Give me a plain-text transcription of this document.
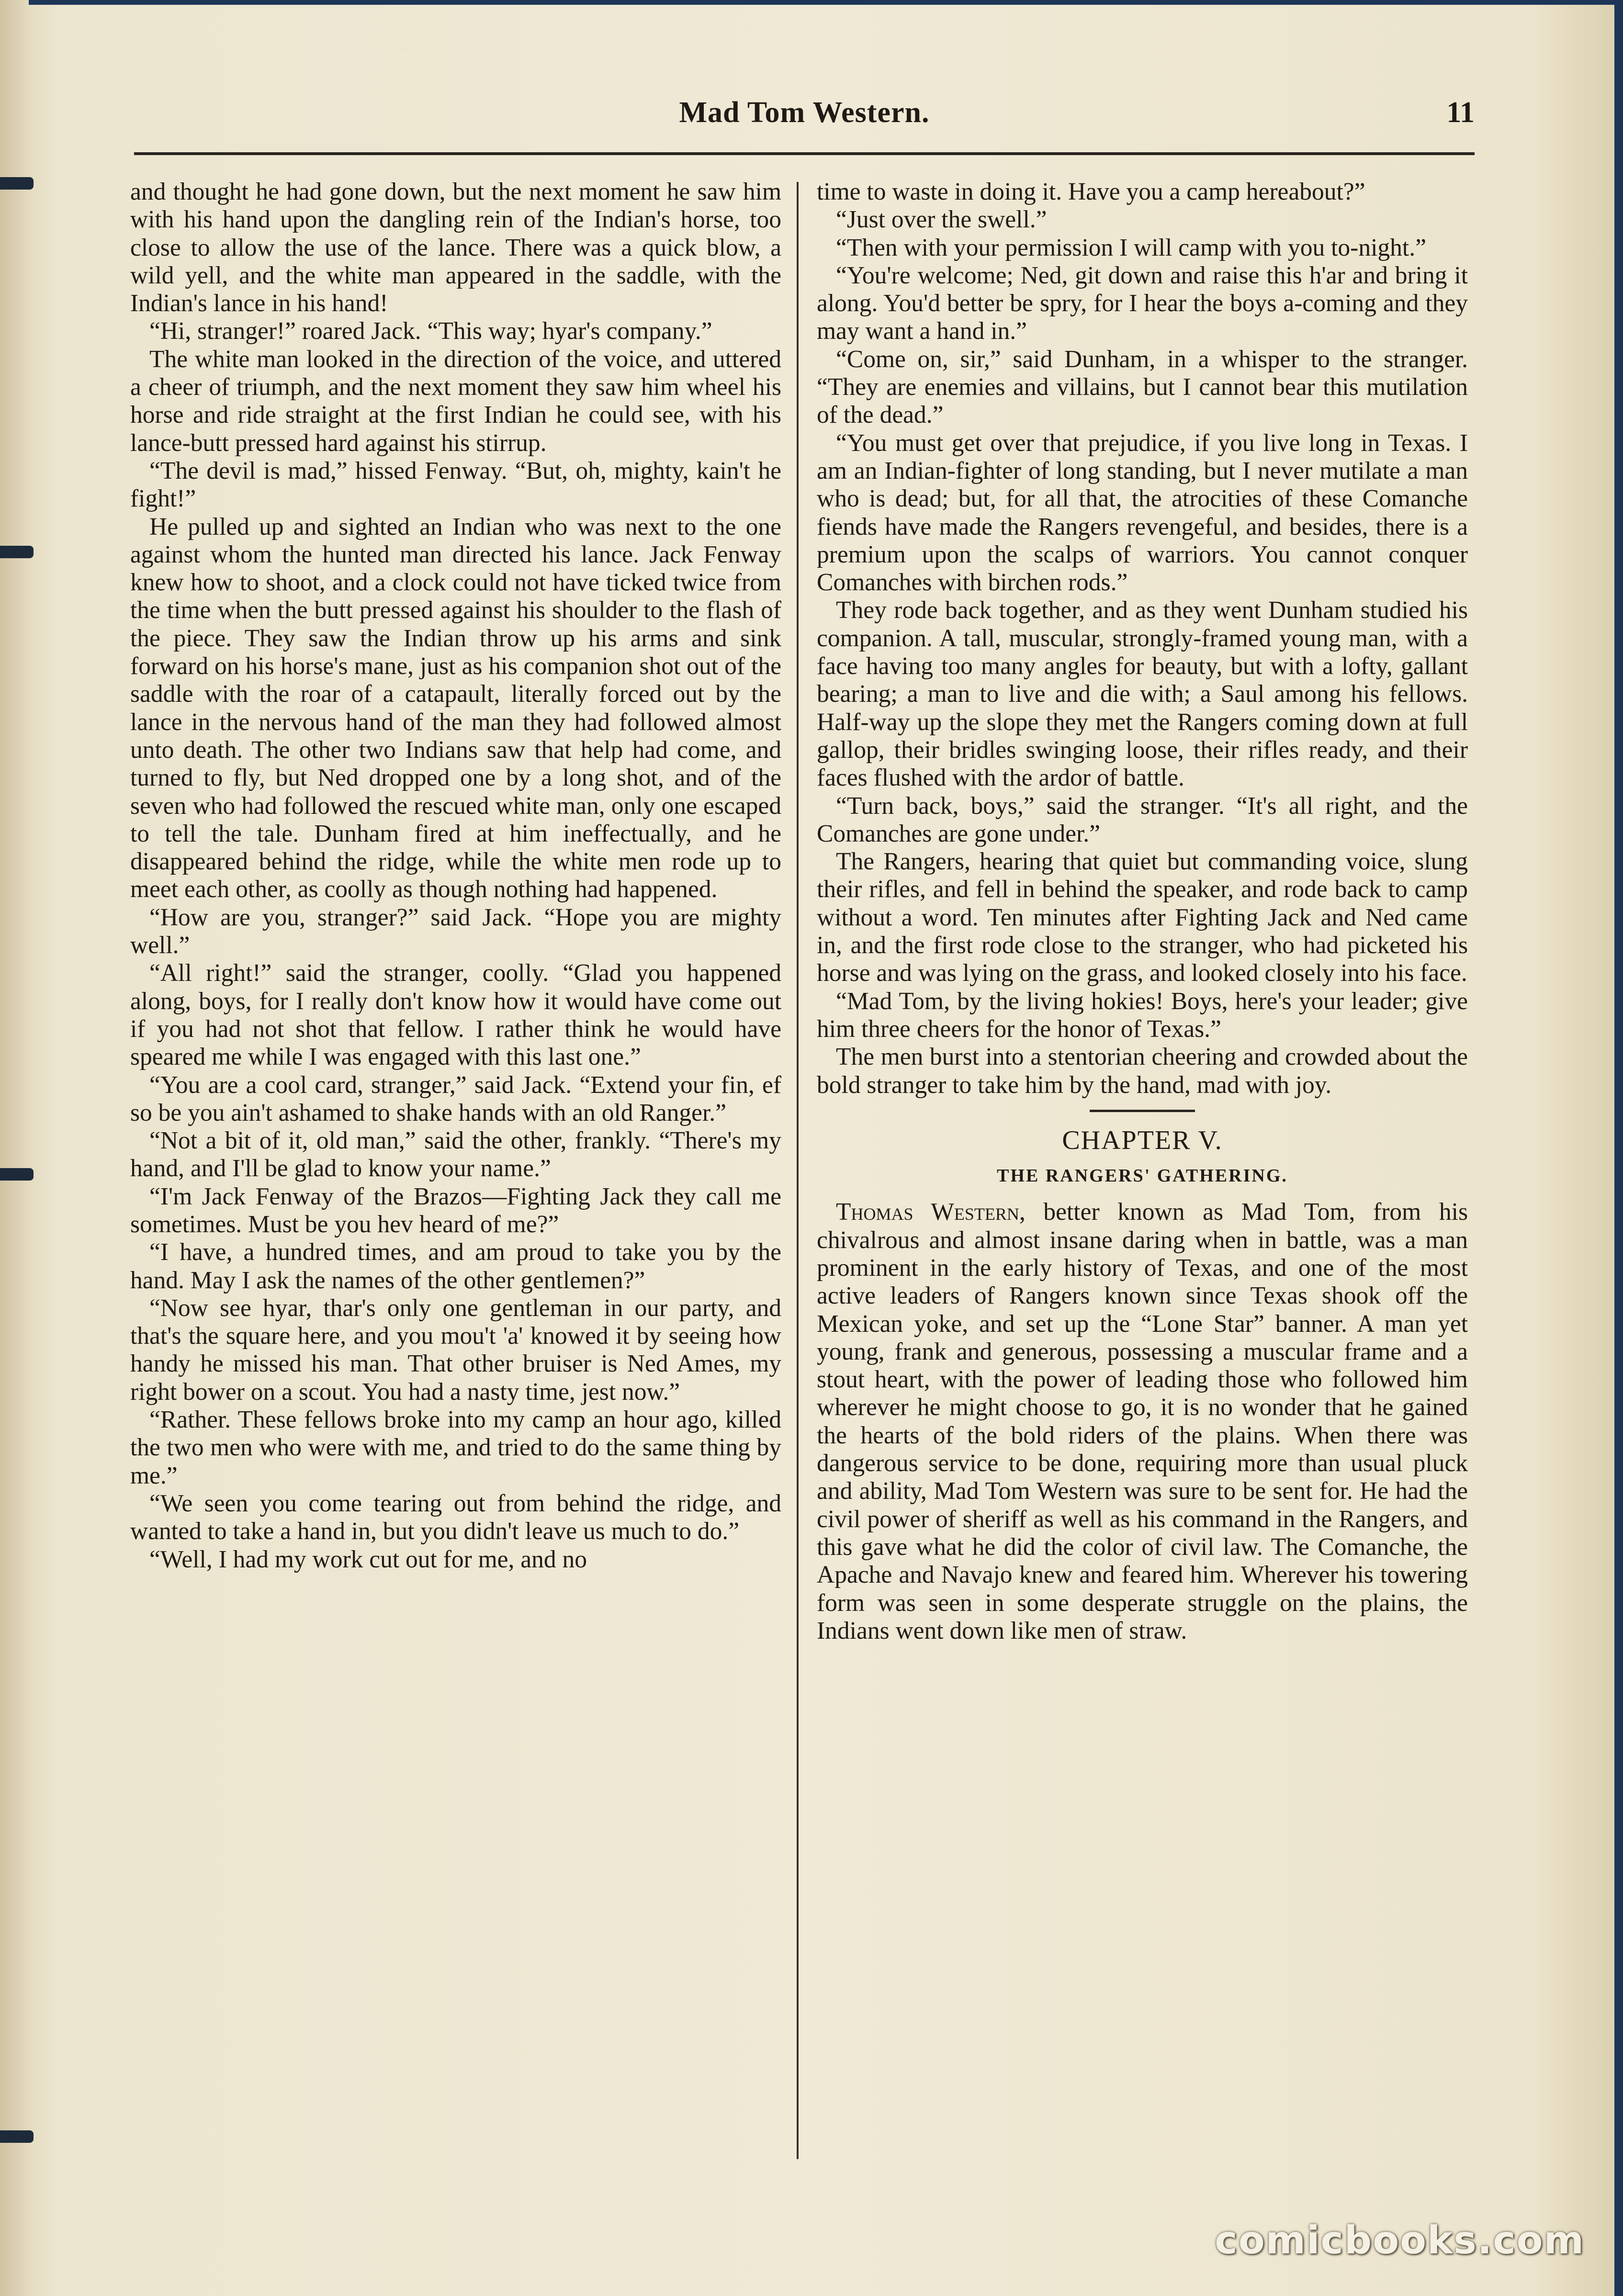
Mad Tom Western.	11

and thought he had gone down, but the next moment he saw him with his hand upon the dangling rein of the Indian's horse, too close to allow the use of the lance. There was a quick blow, a wild yell, and the white man appeared in the saddle, with the Indian's lance in his hand!

“Hi, stranger!” roared Jack. “This way; hyar's company.”

The white man looked in the direction of the voice, and uttered a cheer of triumph, and the next moment they saw him wheel his horse and ride straight at the first Indian he could see, with his lance-butt pressed hard against his stirrup.

“The devil is mad,” hissed Fenway. “But, oh, mighty, kain't he fight!”

He pulled up and sighted an Indian who was next to the one against whom the hunted man directed his lance. Jack Fenway knew how to shoot, and a clock could not have ticked twice from the time when the butt pressed against his shoulder to the flash of the piece. They saw the Indian throw up his arms and sink forward on his horse's mane, just as his companion shot out of the saddle with the roar of a catapault, literally forced out by the lance in the nervous hand of the man they had followed almost unto death. The other two Indians saw that help had come, and turned to fly, but Ned dropped one by a long shot, and of the seven who had followed the rescued white man, only one escaped to tell the tale. Dunham fired at him ineffectually, and he disappeared behind the ridge, while the white men rode up to meet each other, as coolly as though nothing had happened.

“How are you, stranger?” said Jack. “Hope you are mighty well.”

“All right!” said the stranger, coolly. “Glad you happened along, boys, for I really don't know how it would have come out if you had not shot that fellow. I rather think he would have speared me while I was engaged with this last one.”

“You are a cool card, stranger,” said Jack. “Extend your fin, ef so be you ain't ashamed to shake hands with an old Ranger.”

“Not a bit of it, old man,” said the other, frankly. “There's my hand, and I'll be glad to know your name.”

“I'm Jack Fenway of the Brazos—Fighting Jack they call me sometimes. Must be you hev heard of me?”

“I have, a hundred times, and am proud to take you by the hand. May I ask the names of the other gentlemen?”

“Now see hyar, thar's only one gentleman in our party, and that's the square here, and you mou't 'a' knowed it by seeing how handy he missed his man. That other bruiser is Ned Ames, my right bower on a scout. You had a nasty time, jest now.”

“Rather. These fellows broke into my camp an hour ago, killed the two men who were with me, and tried to do the same thing by me.”

“We seen you come tearing out from behind the ridge, and wanted to take a hand in, but you didn't leave us much to do.”

“Well, I had my work cut out for me, and no

time to waste in doing it. Have you a camp hereabout?”

“Just over the swell.”

“Then with your permission I will camp with you to-night.”

“You're welcome; Ned, git down and raise this h'ar and bring it along. You'd better be spry, for I hear the boys a-coming and they may want a hand in.”

“Come on, sir,” said Dunham, in a whisper to the stranger. “They are enemies and villains, but I cannot bear this mutilation of the dead.”

“You must get over that prejudice, if you live long in Texas. I am an Indian-fighter of long standing, but I never mutilate a man who is dead; but, for all that, the atrocities of these Comanche fiends have made the Rangers revengeful, and besides, there is a premium upon the scalps of warriors. You cannot conquer Comanches with birchen rods.”

They rode back together, and as they went Dunham studied his companion. A tall, muscular, strongly-framed young man, with a face having too many angles for beauty, but with a lofty, gallant bearing; a man to live and die with; a Saul among his fellows. Half-way up the slope they met the Rangers coming down at full gallop, their bridles swinging loose, their rifles ready, and their faces flushed with the ardor of battle.

“Turn back, boys,” said the stranger. “It's all right, and the Comanches are gone under.”

The Rangers, hearing that quiet but commanding voice, slung their rifles, and fell in behind the speaker, and rode back to camp without a word. Ten minutes after Fighting Jack and Ned came in, and the first rode close to the stranger, who had picketed his horse and was lying on the grass, and looked closely into his face.

“Mad Tom, by the living hokies! Boys, here's your leader; give him three cheers for the honor of Texas.”

The men burst into a stentorian cheering and crowded about the bold stranger to take him by the hand, mad with joy.

CHAPTER V.
THE RANGERS' GATHERING.

Thomas Western, better known as Mad Tom, from his chivalrous and almost insane daring when in battle, was a man prominent in the early history of Texas, and one of the most active leaders of Rangers known since Texas shook off the Mexican yoke, and set up the “Lone Star” banner. A man yet young, frank and generous, possessing a muscular frame and a stout heart, with the power of leading those who followed him wherever he might choose to go, it is no wonder that he gained the hearts of the bold riders of the plains. When there was dangerous service to be done, requiring more than usual pluck and ability, Mad Tom Western was sure to be sent for. He had the civil power of sheriff as well as his command in the Rangers, and this gave what he did the color of civil law. The Comanche, the Apache and Navajo knew and feared him. Wherever his towering form was seen in some desperate struggle on the plains, the Indians went down like men of straw.

comicbooks.com
